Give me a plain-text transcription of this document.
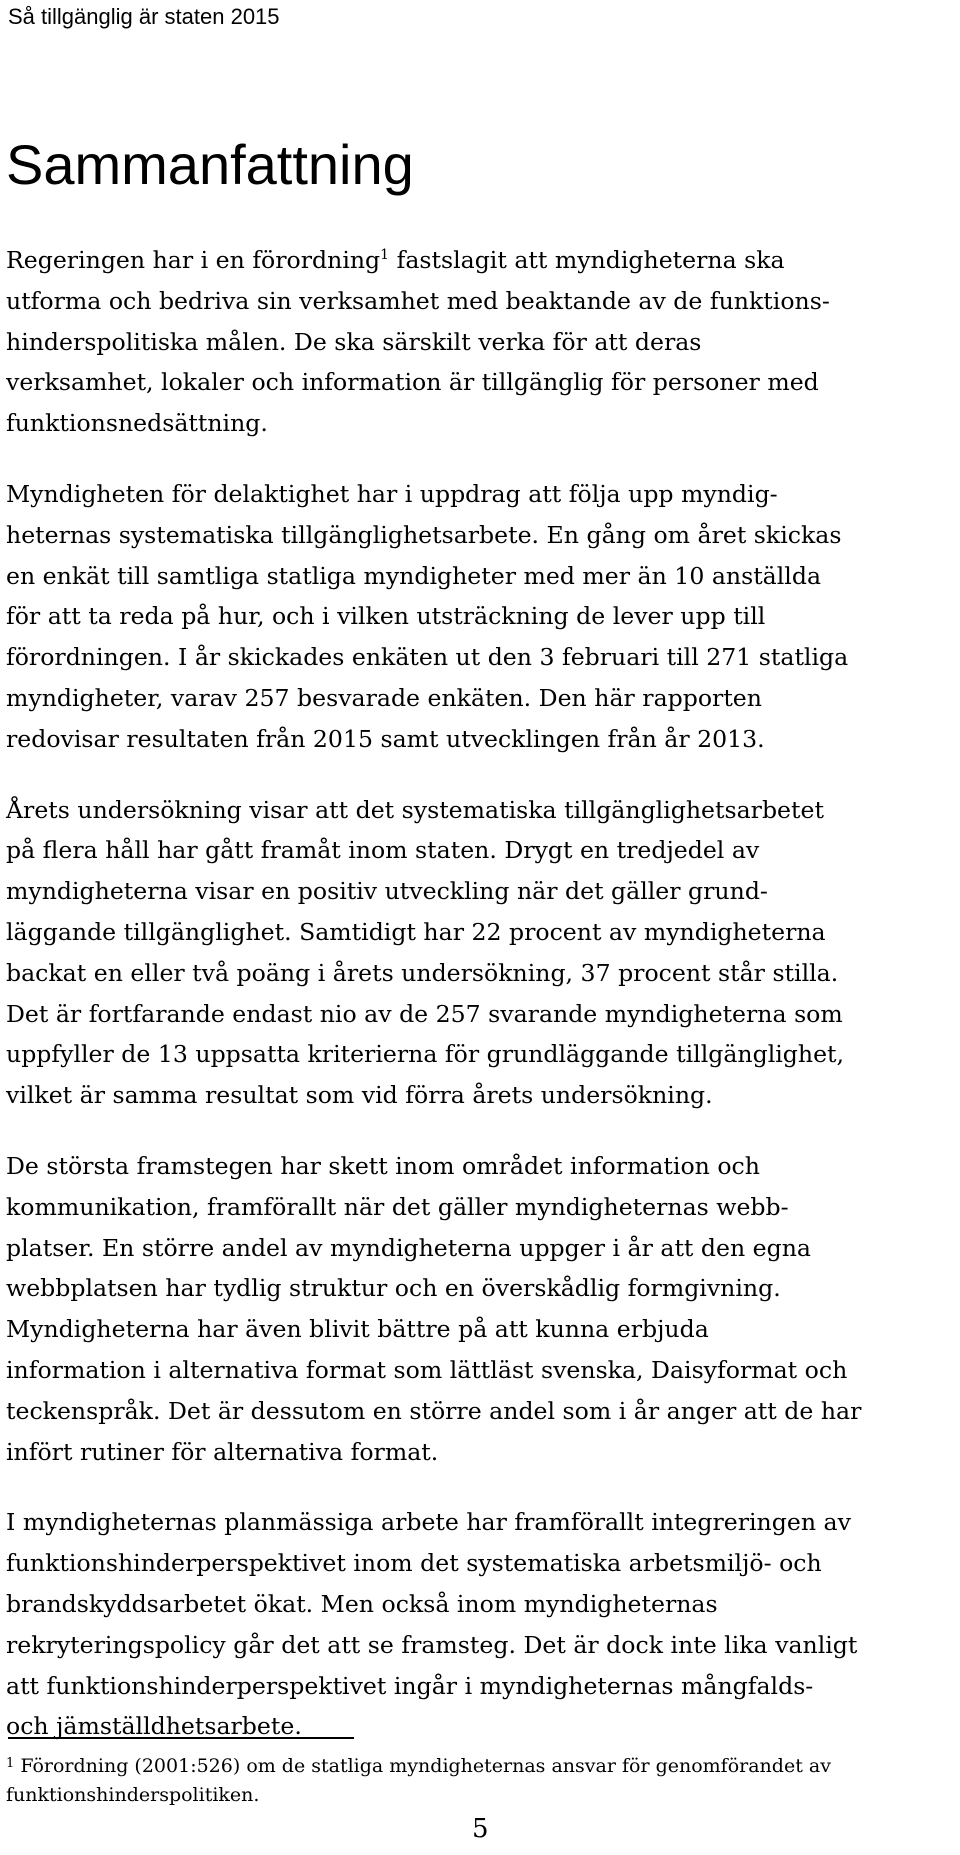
Så tillgänglig är staten 2015
Sammanfattning

Regeringen har i en förordning$^1$ fastslagit att myndigheterna ska
utforma och bedriva sin verksamhet med beaktande av de funktions-
hinderspolitiska målen. De ska särskilt verka för att deras
verksamhet, lokaler och information är tillgänglig för personer med
funktionsnedsättning.

Myndigheten för delaktighet har i uppdrag att följa upp myndig-
heternas systematiska tillgänglighetsarbete. En gång om året skickas
en enkät till samtliga statliga myndigheter med mer än 10 anställda
för att ta reda på hur, och i vilken utsträckning de lever upp till
förordningen. I år skickades enkäten ut den 3 februari till 271 statliga
myndigheter, varav 257 besvarade enkäten. Den här rapporten
redovisar resultaten från 2015 samt utvecklingen från år 2013.

Årets undersökning visar att det systematiska tillgänglighetsarbetet
på flera håll har gått framåt inom staten. Drygt en tredjedel av
myndigheterna visar en positiv utveckling när det gäller grund-
läggande tillgänglighet. Samtidigt har 22 procent av myndigheterna
backat en eller två poäng i årets undersökning, 37 procent står stilla.
Det är fortfarande endast nio av de 257 svarande myndigheterna som
uppfyller de 13 uppsatta kriterierna för grundläggande tillgänglighet,
vilket är samma resultat som vid förra årets undersökning.

De största framstegen har skett inom området information och
kommunikation, framförallt när det gäller myndigheternas webb-
platser. En större andel av myndigheterna uppger i år att den egna
webbplatsen har tydlig struktur och en överskådlig formgivning.
Myndigheterna har även blivit bättre på att kunna erbjuda
information i alternativa format som lättläst svenska, Daisyformat och
teckenspråk. Det är dessutom en större andel som i år anger att de har
infört rutiner för alternativa format.

I myndigheternas planmässiga arbete har framförallt integreringen av
funktionshinderperspektivet inom det systematiska arbetsmiljö- och
brandskyddsarbetet ökat. Men också inom myndigheternas
rekryteringspolicy går det att se framsteg. Det är dock inte lika vanligt
att funktionshinderperspektivet ingår i myndigheternas mångfalds-
och jämställdhetsarbete.

$^1$ Förordning (2001:526) om de statliga myndigheternas ansvar för genomförandet av
funktionshinderspolitiken.
5
